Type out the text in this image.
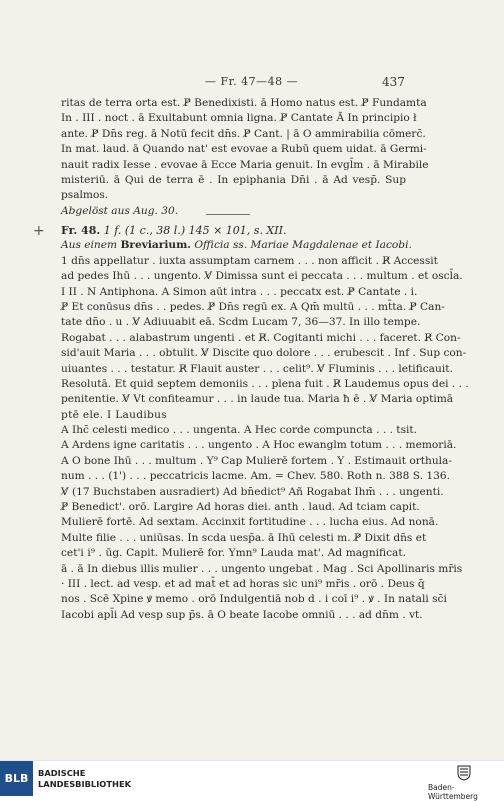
— Fr. 47—48 —	437
ritas de terra orta est. P̸ Benedixisti. ā Homo natus est. P̸ Fundamta
In . III . noct . ā Exultabunt omnia ligna. P̸ Cantate Ā In principio ł
ante. P̸ Dn̄s reg. ā Notū fecit dn̄s. P̸ Cant. | ā O ammirabilia cōmerc̄.
In mat. laud. ā Quando nat' est evovae a Rubū quem uidat. ā Germi-
nauit radix Iesse . evovae ā Ecce Maria genuit. In evgl̄m . ā Mirabile
misteriū. ā Qui de terra ē . In epiphania Dn̄i . ā Ad vesp̄. Sup
psalmos.
Abgelöst aus Aug. 30.
+ Fr. 48. 1 f. (1 c., 38 l.) 145 × 101, s. XII.
Aus einem Breviarium. Officia ss. Mariae Magdalenae et Iacobi.
1 dn̄s appellatur . iuxta assumptam carnem . . . non afficit . R̸ Accessit
ad pedes Ihū . . . ungento. V̸ Dimissa sunt ei peccata . . . multum . et oscl̄a.
I II . N Antiphona. A Simon aūt intra . . . peccatx est. P̸ Cantate . i.
P̸ Et conūsus dn̄s . . pedes. P̸ Dn̄s regū ex. A Qm̄ multū . . . mt̄ta. P̸ Can-
tate dn̄o . u . V̸ Adiuuabit eā. Scdm Lucam 7, 36—37. In illo tempe.
Rogabat . . . alabastrum ungenti . et R̸. Cogitanti michi . . . faceret. R̸ Con-
sid'auit Maria . . . obtulit. V̸ Discite quo dolore . . . erubescit . Inf . Sup con-
uiuantes . . . testatur. R̸ Flauit auster . . . celit⁹. V̸ Fluminis . . . letificauit.
Resolutā. Et quid septem demoniis . . . plena fuit . R̸ Laudemus opus dei . . .
penitentie. V̸ Vt confiteamur . . . in laude tua. Maria ħ ē . V̸ Maria optimā
ptē ele. I Laudibus
A Ihc̄ celesti medico . . . ungenta. A Hec corde compuncta . . . tsit.
A Ardens igne caritatis . . . ungento . A Hoc ewanglm totum . . . memoriā.
A O bone Ihū . . . multum . Y⁹ Cap Mulierē fortem . Y . Estimauit orthula-
num . . . (1') . . . peccatricis lacme. Am. = Chev. 580. Roth n. 388 S. 136.
V̸ (17 Buchstaben ausradiert) Ad bn̄edict⁹ Añ Rogabat Ihm̄ . . . ungenti.
P̸ Benedict'. orō. Largire Ad horas diei. anth . laud. Ad tciam capit.
Mulierē fortē. Ad sextam. Accinxit fortitudine . . . lucha eius. Ad nonā.
Multe filie . . . uniūsas. In scda uesp̄a. ā Ihū celesti m. P̸ Dixit dn̄s et
cet'i i⁹ . ūg. Capit. Mulierē for. Ymn⁹ Lauda mat'. Ad magnificat.
ā . ā In diebus illis mulier . . . ungento ungebat . Mag . Sci Apollinaris mr̄is
· III . lect. ad vesp. et ad mat̄ et ad horas sic uni⁹ mr̄is . orō . Deus q̄
nos . Scē Xpine ꝟ memo . orō Indulgentiā nob d . i coī i⁹ . ꝟ . In natali sc̄i
Iacobi apl̄i Ad vesp sup p̄s. ā O beate Iacobe omniū . . . ad dn̄m . vt.
BLB	BADISCHE
LANDESBIBLIOTHEK	Baden-Württemberg
